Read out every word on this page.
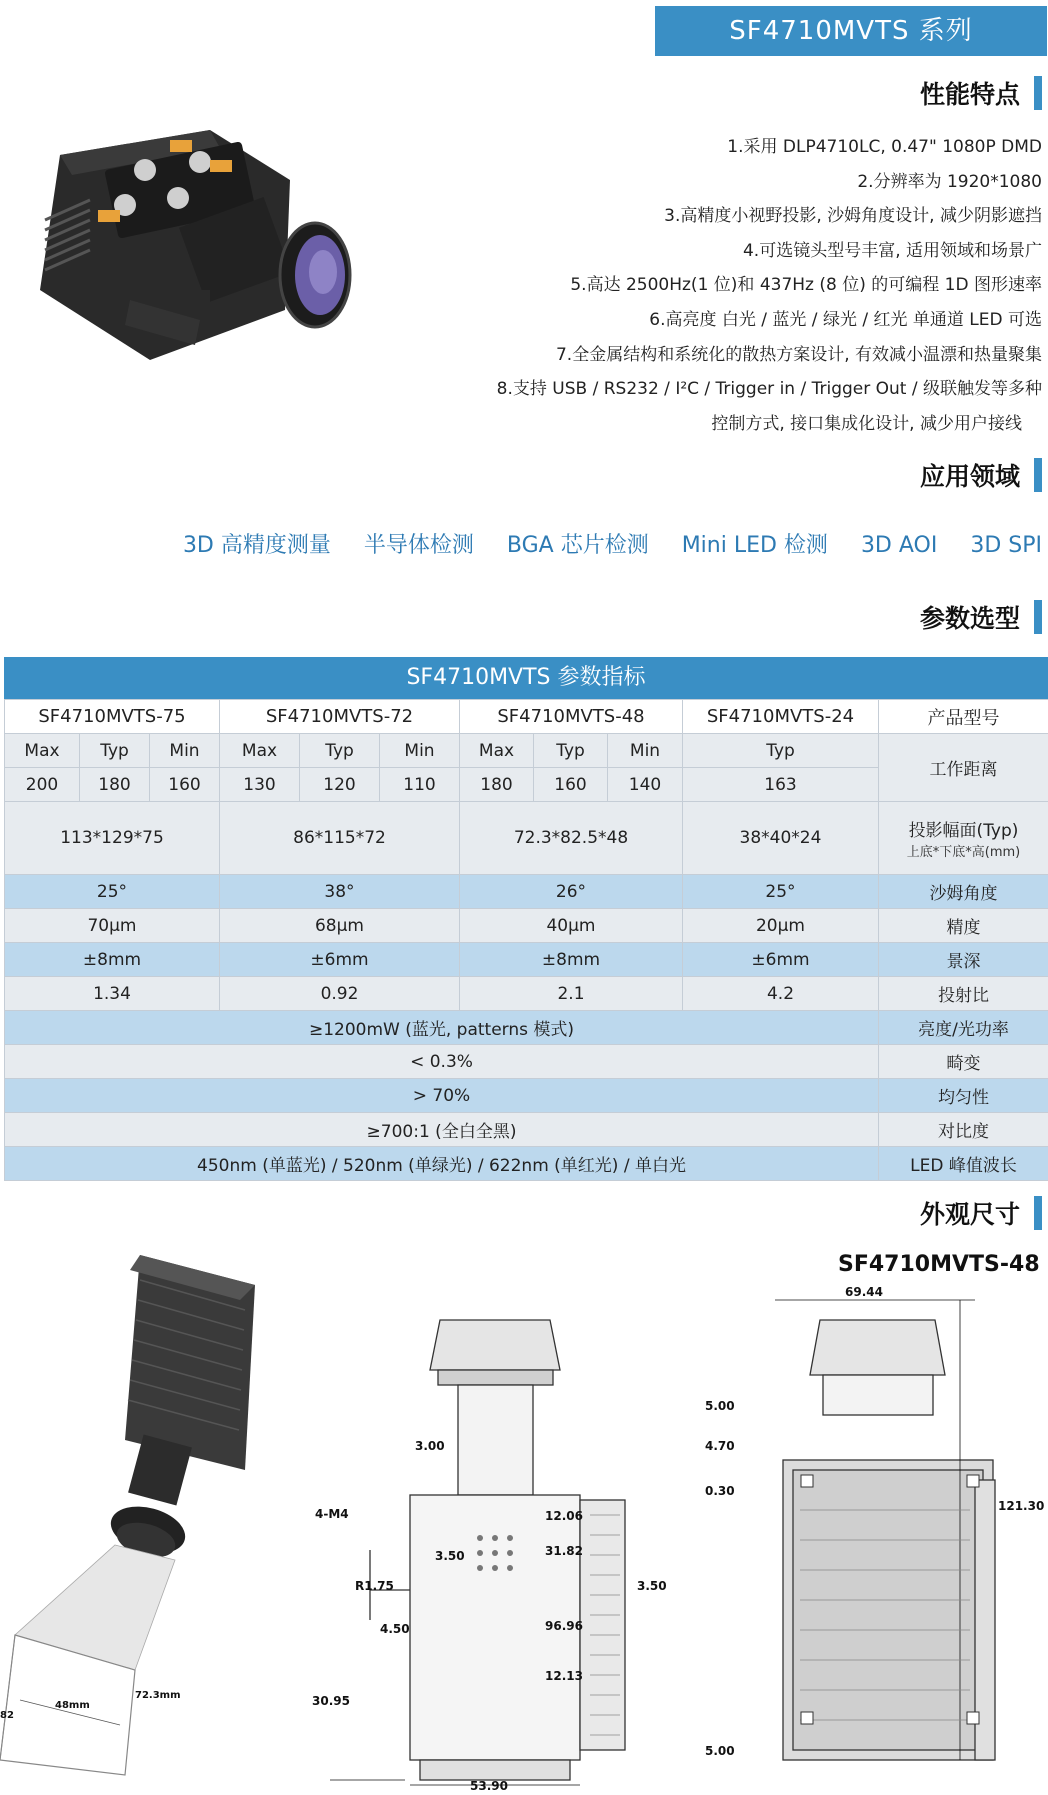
SF4710MVTS 系列
性能特点
1.采用 DLP4710LC, 0.47" 1080P DMD
2.分辨率为 1920*1080
3.高精度小视野投影, 沙姆角度设计, 减少阴影遮挡
4.可选镜头型号丰富, 适用领域和场景广
5.高达 2500Hz(1 位)和 437Hz (8 位) 的可编程 1D 图形速率
6.高亮度 白光 / 蓝光 / 绿光 / 红光 单通道 LED 可选
7.全金属结构和系统化的散热方案设计, 有效减小温漂和热量聚集
8.支持 USB / RS232 / I²C / Trigger in / Trigger Out / 级联触发等多种
控制方式, 接口集成化设计, 减少用户接线
应用领域
3D 高精度测量 半导体检测 BGA 芯片检测 Mini LED 检测 3D AOI 3D SPI
参数选型
SF4710MVTS 参数指标
SF4710MVTS-75			SF4710MVTS-72			SF4710MVTS-48			SF4710MVTS-24	产品型号
Max	Typ	Min	Max	Typ	Min	Max	Typ	Min	Typ	工作距离
200	180	160	130	120	110	180	160	140	163	
113*129*75			86*115*72			72.3*82.5*48			38*40*24	投影幅面(Typ)
上底*下底*高(mm)

25°			38°			26°			25°	沙姆角度
70μm			68μm			40μm			20μm	精度
±8mm			±6mm			±8mm			±6mm	景深
1.34			0.92			2.1			4.2	投射比
≥1200mW (蓝光, patterns 模式)										亮度/光功率
< 0.3%										畸变
> 70%										均匀性
≥700:1 (全白全黑)										对比度
450nm (单蓝光) / 520nm (单绿光) / 622nm (单红光) / 单白光										LED 峰值波长
外观尺寸
SF4710MVTS-48
48mm
72.3mm
82
53.90
30.95
4.50
R1.75
4-M4
3.00
3.50
12.06
31.82
96.96
12.13
3.50
69.44
5.00
4.70
0.30
5.00
121.30
